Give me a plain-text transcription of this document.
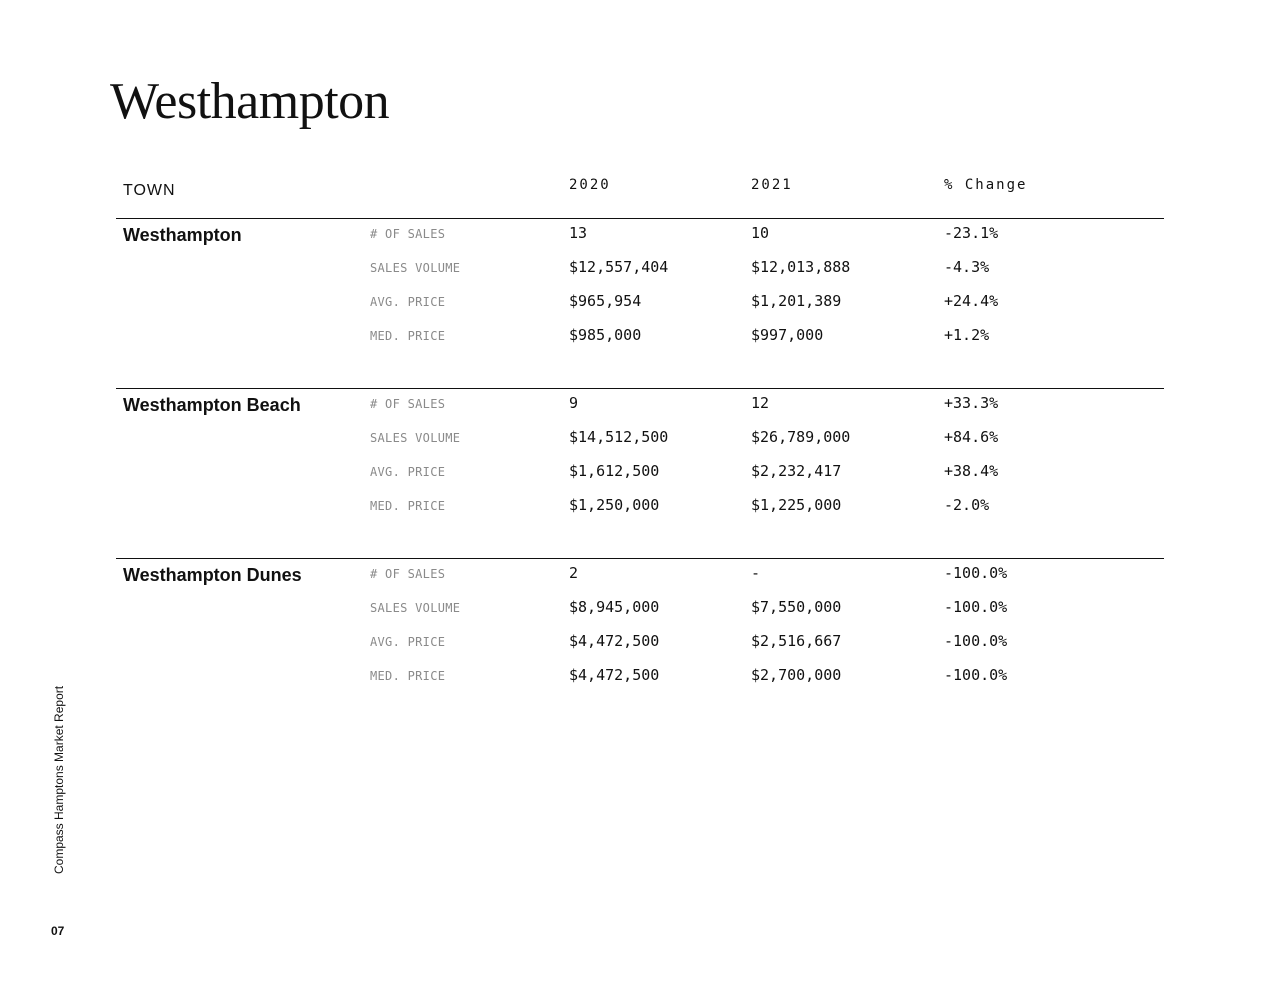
Westhampton
TOWN	2020	2021	% Change
Westhampton	# OF SALES	13	10	-23.1%
SALES VOLUME	$12,557,404	$12,013,888	-4.3%
AVG. PRICE	$965,954	$1,201,389	+24.4%
MED. PRICE	$985,000	$997,000	+1.2%
Westhampton Beach	# OF SALES	9	12	+33.3%
SALES VOLUME	$14,512,500	$26,789,000	+84.6%
AVG. PRICE	$1,612,500	$2,232,417	+38.4%
MED. PRICE	$1,250,000	$1,225,000	-2.0%
Westhampton Dunes	# OF SALES	2	-	-100.0%
SALES VOLUME	$8,945,000	$7,550,000	-100.0%
AVG. PRICE	$4,472,500	$2,516,667	-100.0%
MED. PRICE	$4,472,500	$2,700,000	-100.0%
Compass Hamptons Market Report
07
